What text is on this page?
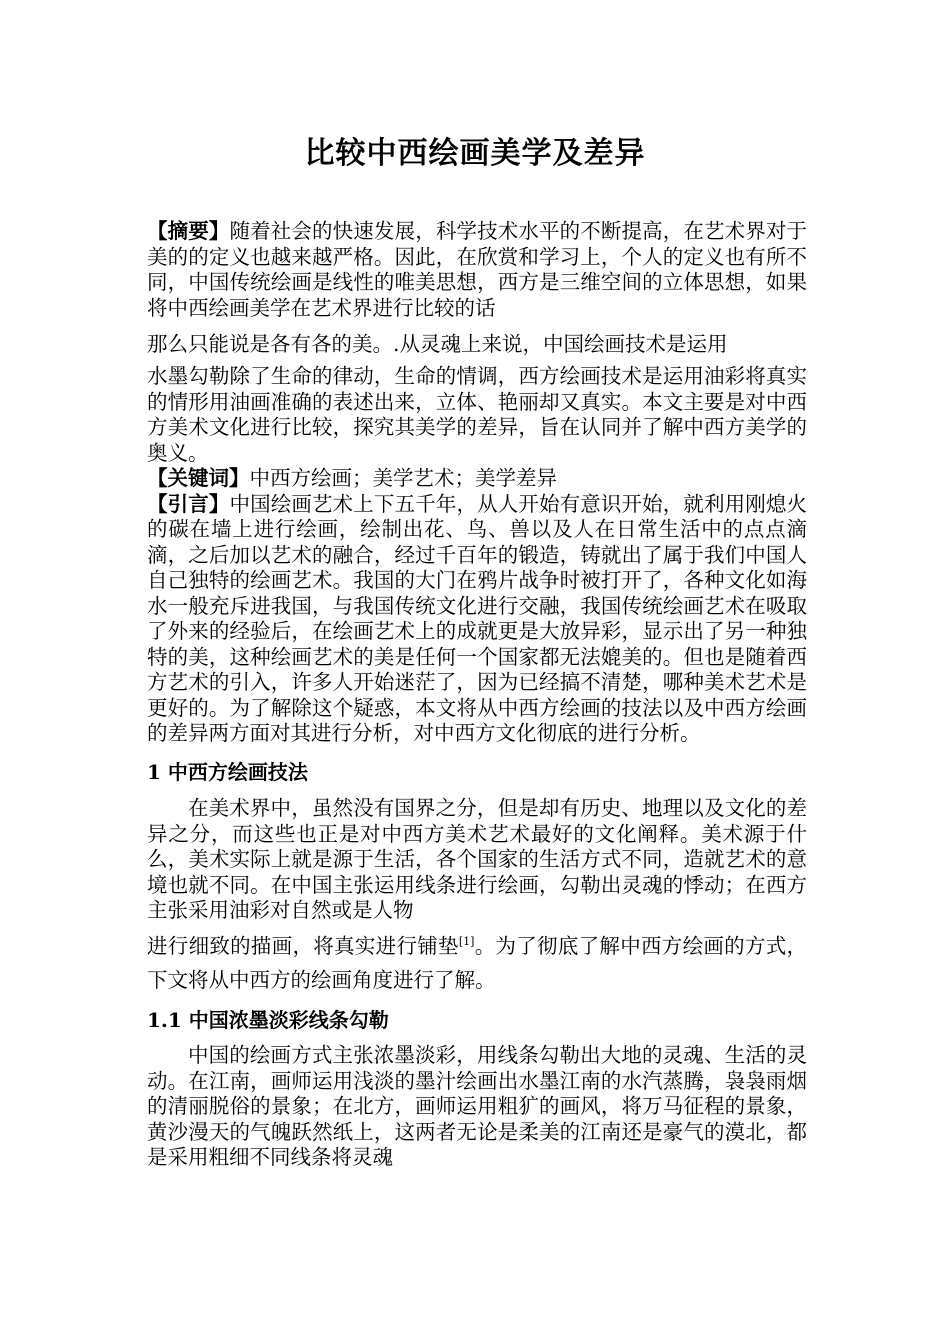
比较中西绘画美学及差异

【摘要】随着社会的快速发展，科学技术水平的不断提高，在艺术界对于美的的定义也越来越严格。因此，在欣赏和学习上，个人的定义也有所不同，中国传统绘画是线性的唯美思想，西方是三维空间的立体思想，如果将中西绘画美学在艺术界进行比较的话

那么只能说是各有各的美。.从灵魂上来说，中国绘画技术是运用

水墨勾勒除了生命的律动，生命的情调，西方绘画技术是运用油彩将真实的情形用油画准确的表述出来，立体、艳丽却又真实。本文主要是对中西方美术文化进行比较，探究其美学的差异，旨在认同并了解中西方美学的奥义。

【关键词】中西方绘画；美学艺术；美学差异

【引言】中国绘画艺术上下五千年，从人开始有意识开始，就利用刚熄火的碳在墙上进行绘画，绘制出花、鸟、兽以及人在日常生活中的点点滴滴，之后加以艺术的融合，经过千百年的锻造，铸就出了属于我们中国人自己独特的绘画艺术。我国的大门在鸦片战争时被打开了，各种文化如海水一般充斥进我国，与我国传统文化进行交融，我国传统绘画艺术在吸取了外来的经验后，在绘画艺术上的成就更是大放异彩，显示出了另一种独特的美，这种绘画艺术的美是任何一个国家都无法媲美的。但也是随着西方艺术的引入，许多人开始迷茫了，因为已经搞不清楚，哪种美术艺术是更好的。为了解除这个疑惑，本文将从中西方绘画的技法以及中西方绘画的差异两方面对其进行分析，对中西方文化彻底的进行分析。

1 中西方绘画技法

在美术界中，虽然没有国界之分，但是却有历史、地理以及文化的差异之分，而这些也正是对中西方美术艺术最好的文化阐释。美术源于什么，美术实际上就是源于生活，各个国家的生活方式不同，造就艺术的意境也就不同。在中国主张运用线条进行绘画，勾勒出灵魂的悸动；在西方主张采用油彩对自然或是人物

进行细致的描画，将真实进行铺垫[1]。为了彻底了解中西方绘画的方式，下文将从中西方的绘画角度进行了解。

1.1 中国浓墨淡彩线条勾勒

中国的绘画方式主张浓墨淡彩，用线条勾勒出大地的灵魂、生活的灵动。在江南，画师运用浅淡的墨汁绘画出水墨江南的水汽蒸腾，袅袅雨烟的清丽脱俗的景象；在北方，画师运用粗犷的画风，将万马征程的景象，黄沙漫天的气魄跃然纸上，这两者无论是柔美的江南还是豪气的漠北，都是采用粗细不同线条将灵魂
